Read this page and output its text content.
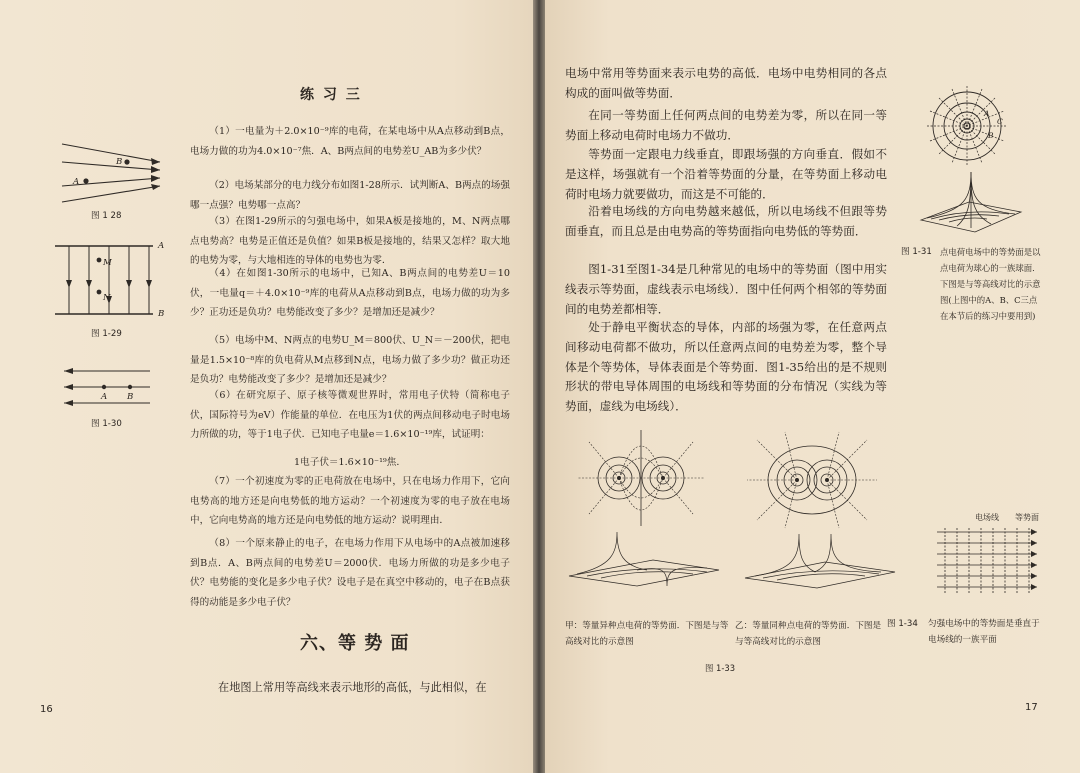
练 习 三
B
A
图 1 28
A
M
N
B
图 1-29
A B
图 1-30
（1）一电量为＋2.0×10⁻⁹库的电荷，在某电场中从A点移动到B点，电场力做的功为4.0×10⁻⁷焦．A、B两点间的电势差U_AB为多少伏？
（2）电场某部分的电力线分布如图1-28所示．试判断A、B两点的场强哪一点强？电势哪一点高？
（3）在图1-29所示的匀强电场中，如果A板是接地的，M、N两点哪点电势高？电势是正值还是负值？如果B板是接地的，结果又怎样？取大地的电势为零，与大地相连的导体的电势也为零．
（4）在如图1-30所示的电场中，已知A、B两点间的电势差U＝10伏，一电量q＝＋4.0×10⁻⁹库的电荷从A点移动到B点，电场力做的功为多少？正功还是负功？电势能改变了多少？是增加还是减少？
（5）电场中M、N两点的电势U_M＝800伏、U_N＝－200伏，把电量是1.5×10⁻⁸库的负电荷从M点移到N点，电场力做了多少功？做正功还是负功？电势能改变了多少？是增加还是减少？
（6）在研究原子、原子核等微观世界时，常用电子伏特（简称电子伏，国际符号为eV）作能量的单位．在电压为1伏的两点间移动电子时电场力所做的功，等于1电子伏．已知电子电量e＝1.6×10⁻¹⁹库，试证明：
1电子伏＝1.6×10⁻¹⁹焦．
（7）一个初速度为零的正电荷放在电场中，只在电场力作用下，它向电势高的地方还是向电势低的地方运动？一个初速度为零的电子放在电场中，它向电势高的地方还是向电势低的地方运动？说明理由．
（8）一个原来静止的电子，在电场力作用下从电场中的A点被加速移到B点．A、B两点间的电势差U＝2000伏．电场力所做的功是多少电子伏？电势能的变化是多少电子伏？设电子是在真空中移动的，电子在B点获得的动能是多少电子伏？
六、等 势 面
在地图上常用等高线来表示地形的高低，与此相似，在
16
电场中常用等势面来表示电势的高低．电场中电势相同的各点构成的面叫做等势面．
在同一等势面上任何两点间的电势差为零，所以在同一等势面上移动电荷时电场力不做功．
等势面一定跟电力线垂直，即跟场强的方向垂直．假如不是这样，场强就有一个沿着等势面的分量，在等势面上移动电荷时电场力就要做功，而这是不可能的．
沿着电场线的方向电势越来越低，所以电场线不但跟等势面垂直，而且总是由电势高的等势面指向电势低的等势面．
图1-31至图1-34是几种常见的电场中的等势面（图中用实线表示等势面，虚线表示电场线）．图中任何两个相邻的等势面间的电势差都相等．
处于静电平衡状态的导体，内部的场强为零，在任意两点间移动电荷都不做功，所以任意两点间的电势差为零，整个导体是个等势体，导体表面是个等势面．图1-35给出的是不规则形状的带电导体周围的电场线和等势面的分布情况（实线为等势面，虚线为电场线）．
A
C
B
图 1-31 点电荷电场中的等势面是以点电荷为球心的一族球面．下图是与等高线对比的示意图(上图中的A、B、C三点在本节后的练习中要用到)
甲：等量异种点电荷的等势面．下图是与等高线对比的示意图
乙：等量同种点电荷的等势面．下图是与等高线对比的示意图
图 1-33
电场线 等势面
图 1-34 匀强电场中的等势面是垂直于电场线的一族平面
17
